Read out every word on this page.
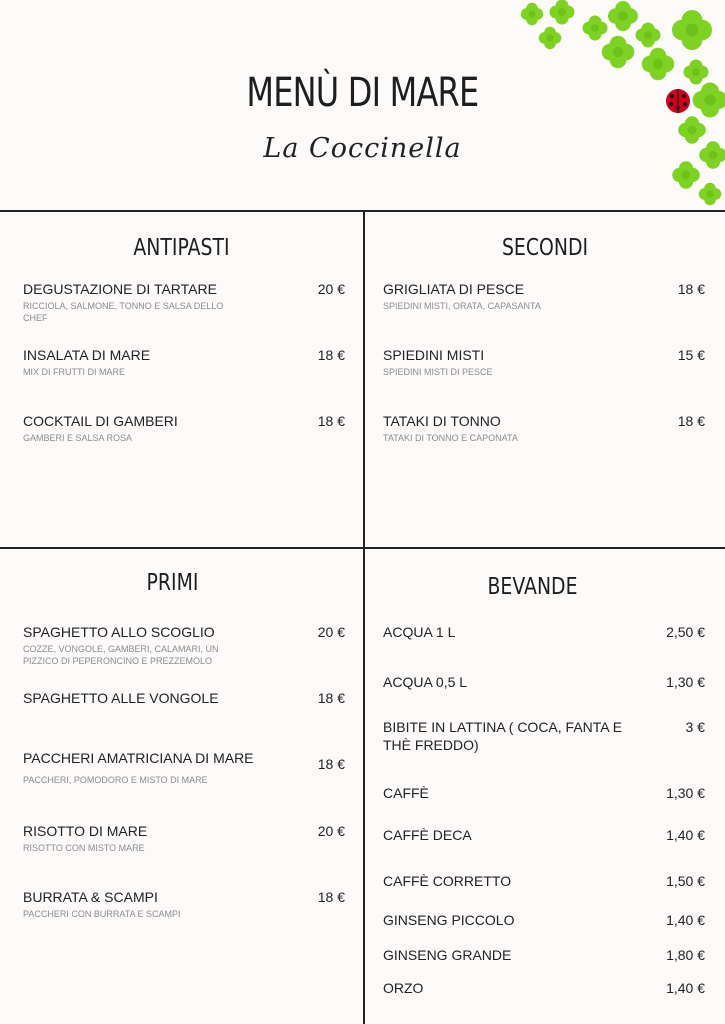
MENÙ DI MARE
La Coccinella
ANTIPASTI
DEGUSTAZIONE DI TARTARE
RICCIOLA, SALMONE, TONNO E SALSA DELLO CHEF
20 €
INSALATA DI MARE
MIX DI FRUTTI DI MARE
18 €
COCKTAIL DI GAMBERI
GAMBERI E SALSA ROSA
18 €
SECONDI
GRIGLIATA DI PESCE
SPIEDINI MISTI, ORATA, CAPASANTA
18 €
SPIEDINI MISTI
SPIEDINI MISTI DI PESCE
15 €
TATAKI DI TONNO
TATAKI DI TONNO E CAPONATA
18 €
PRIMI
SPAGHETTO ALLO SCOGLIO
COZZE, VONGOLE, GAMBERI, CALAMARI, UN PIZZICO DI PEPERONCINO E PREZZEMOLO
20 €
SPAGHETTO ALLE VONGOLE	18 €
PACCHERI AMATRICIANA DI MARE
PACCHERI, POMODORO E MISTO DI MARE
18 €
RISOTTO DI MARE
RISOTTO CON MISTO MARE
20 €
BURRATA & SCAMPI
PACCHERI CON BURRATA E SCAMPI
18 €
BEVANDE
ACQUA 1 L	2,50 €
ACQUA 0,5 L	1,30 €
BIBITE IN LATTINA ( COCA, FANTA E THÈ FREDDO)
3 €
CAFFÈ	1,30 €
CAFFÈ DECA	1,40 €
CAFFÈ CORRETTO	1,50 €
GINSENG PICCOLO	1,40 €
GINSENG GRANDE	1,80 €
ORZO	1,40 €
